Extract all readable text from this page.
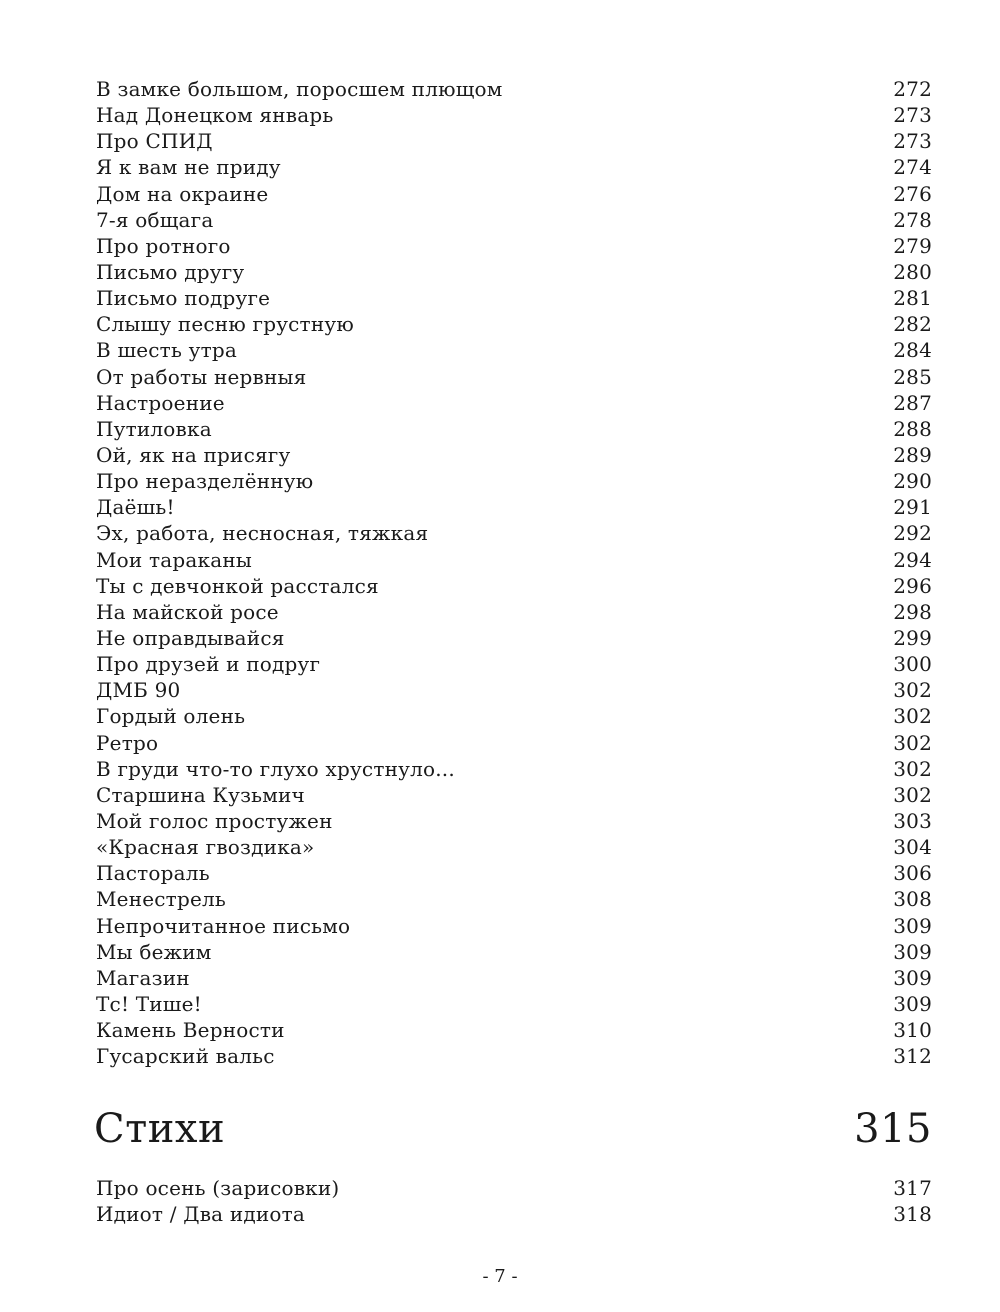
В замке большом, поросшем плющом	272
Над Донецком январь	273
Про СПИД	273
Я к вам не приду	274
Дом на окраине	276
7-я общага	278
Про ротного	279
Письмо другу	280
Письмо подруге	281
Слышу песню грустную	282
В шесть утра	284
От работы нервныя	285
Настроение	287
Путиловка	288
Ой, як на присягу	289
Про неразделённую	290
Даёшь!	291
Эх, работа, несносная, тяжкая	292
Мои тараканы	294
Ты с девчонкой расстался	296
На майской росе	298
Не оправдывайся	299
Про друзей и подруг	300
ДМБ 90	302
Гордый олень	302
Ретро	302
В груди что-то глухо хрустнуло...	302
Старшина Кузьмич	302
Мой голос простужен	303
«Красная гвоздика»	304
Пастораль	306
Менестрель	308
Непрочитанное письмо	309
Мы бежим	309
Магазин	309
Тс! Тише!	309
Камень Верности	310
Гусарский вальс	312
Стихи	315
Про осень (зарисовки)	317
Идиот / Два идиота	318
- 7 -
